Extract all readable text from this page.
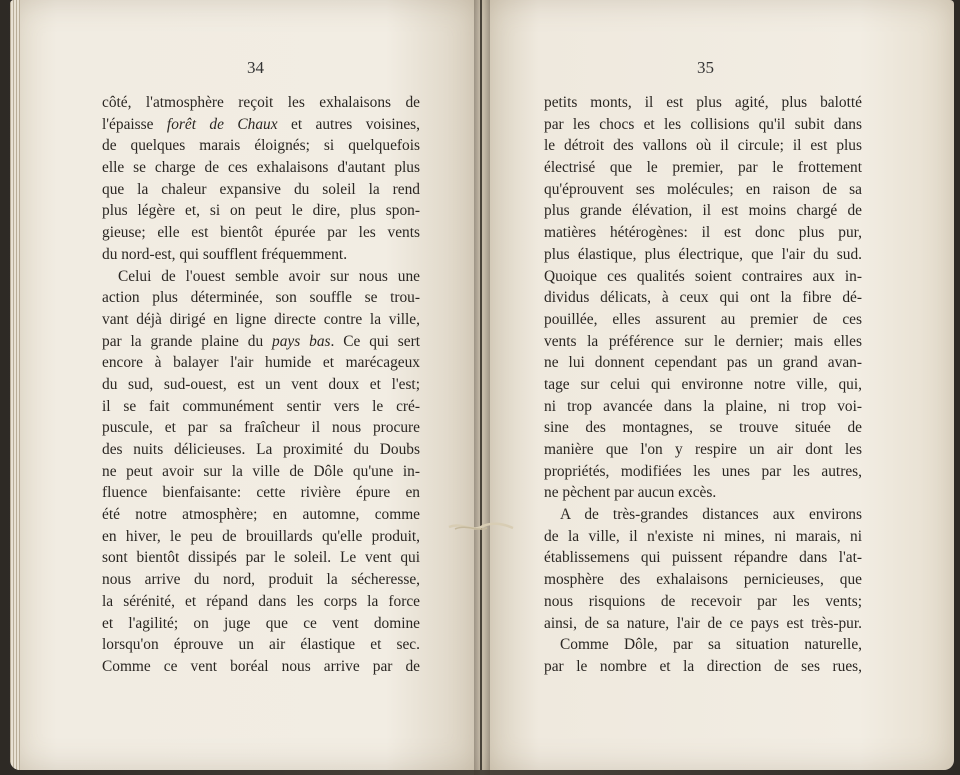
34
côté, l'atmosphère reçoit les exhalaisons de
l'épaisse forêt de Chaux et autres voisines,
de quelques marais éloignés; si quelquefois
elle se charge de ces exhalaisons d'autant plus
que la chaleur expansive du soleil la rend
plus légère et, si on peut le dire, plus spon-
gieuse; elle est bientôt épurée par les vents
du nord-est, qui soufflent fréquemment.
Celui de l'ouest semble avoir sur nous une
action plus déterminée, son souffle se trou-
vant déjà dirigé en ligne directe contre la ville,
par la grande plaine du pays bas. Ce qui sert
encore à balayer l'air humide et marécageux
du sud, sud-ouest, est un vent doux et l'est;
il se fait communément sentir vers le cré-
puscule, et par sa fraîcheur il nous procure
des nuits délicieuses. La proximité du Doubs
ne peut avoir sur la ville de Dôle qu'une in-
fluence bienfaisante: cette rivière épure en
été notre atmosphère; en automne, comme
en hiver, le peu de brouillards qu'elle produit,
sont bientôt dissipés par le soleil. Le vent qui
nous arrive du nord, produit la sécheresse,
la sérénité, et répand dans les corps la force
et l'agilité; on juge que ce vent domine
lorsqu'on éprouve un air élastique et sec.
Comme ce vent boréal nous arrive par de
35
petits monts, il est plus agité, plus balotté
par les chocs et les collisions qu'il subit dans
le détroit des vallons où il circule; il est plus
électrisé que le premier, par le frottement
qu'éprouvent ses molécules; en raison de sa
plus grande élévation, il est moins chargé de
matières hétérogènes: il est donc plus pur,
plus élastique, plus électrique, que l'air du sud.
Quoique ces qualités soient contraires aux in-
dividus délicats, à ceux qui ont la fibre dé-
pouillée, elles assurent au premier de ces
vents la préférence sur le dernier; mais elles
ne lui donnent cependant pas un grand avan-
tage sur celui qui environne notre ville, qui,
ni trop avancée dans la plaine, ni trop voi-
sine des montagnes, se trouve située de
manière que l'on y respire un air dont les
propriétés, modifiées les unes par les autres,
ne pèchent par aucun excès.
A de très-grandes distances aux environs
de la ville, il n'existe ni mines, ni marais, ni
établissemens qui puissent répandre dans l'at-
mosphère des exhalaisons pernicieuses, que
nous risquions de recevoir par les vents;
ainsi, de sa nature, l'air de ce pays est très-pur.
Comme Dôle, par sa situation naturelle,
par le nombre et la direction de ses rues,
